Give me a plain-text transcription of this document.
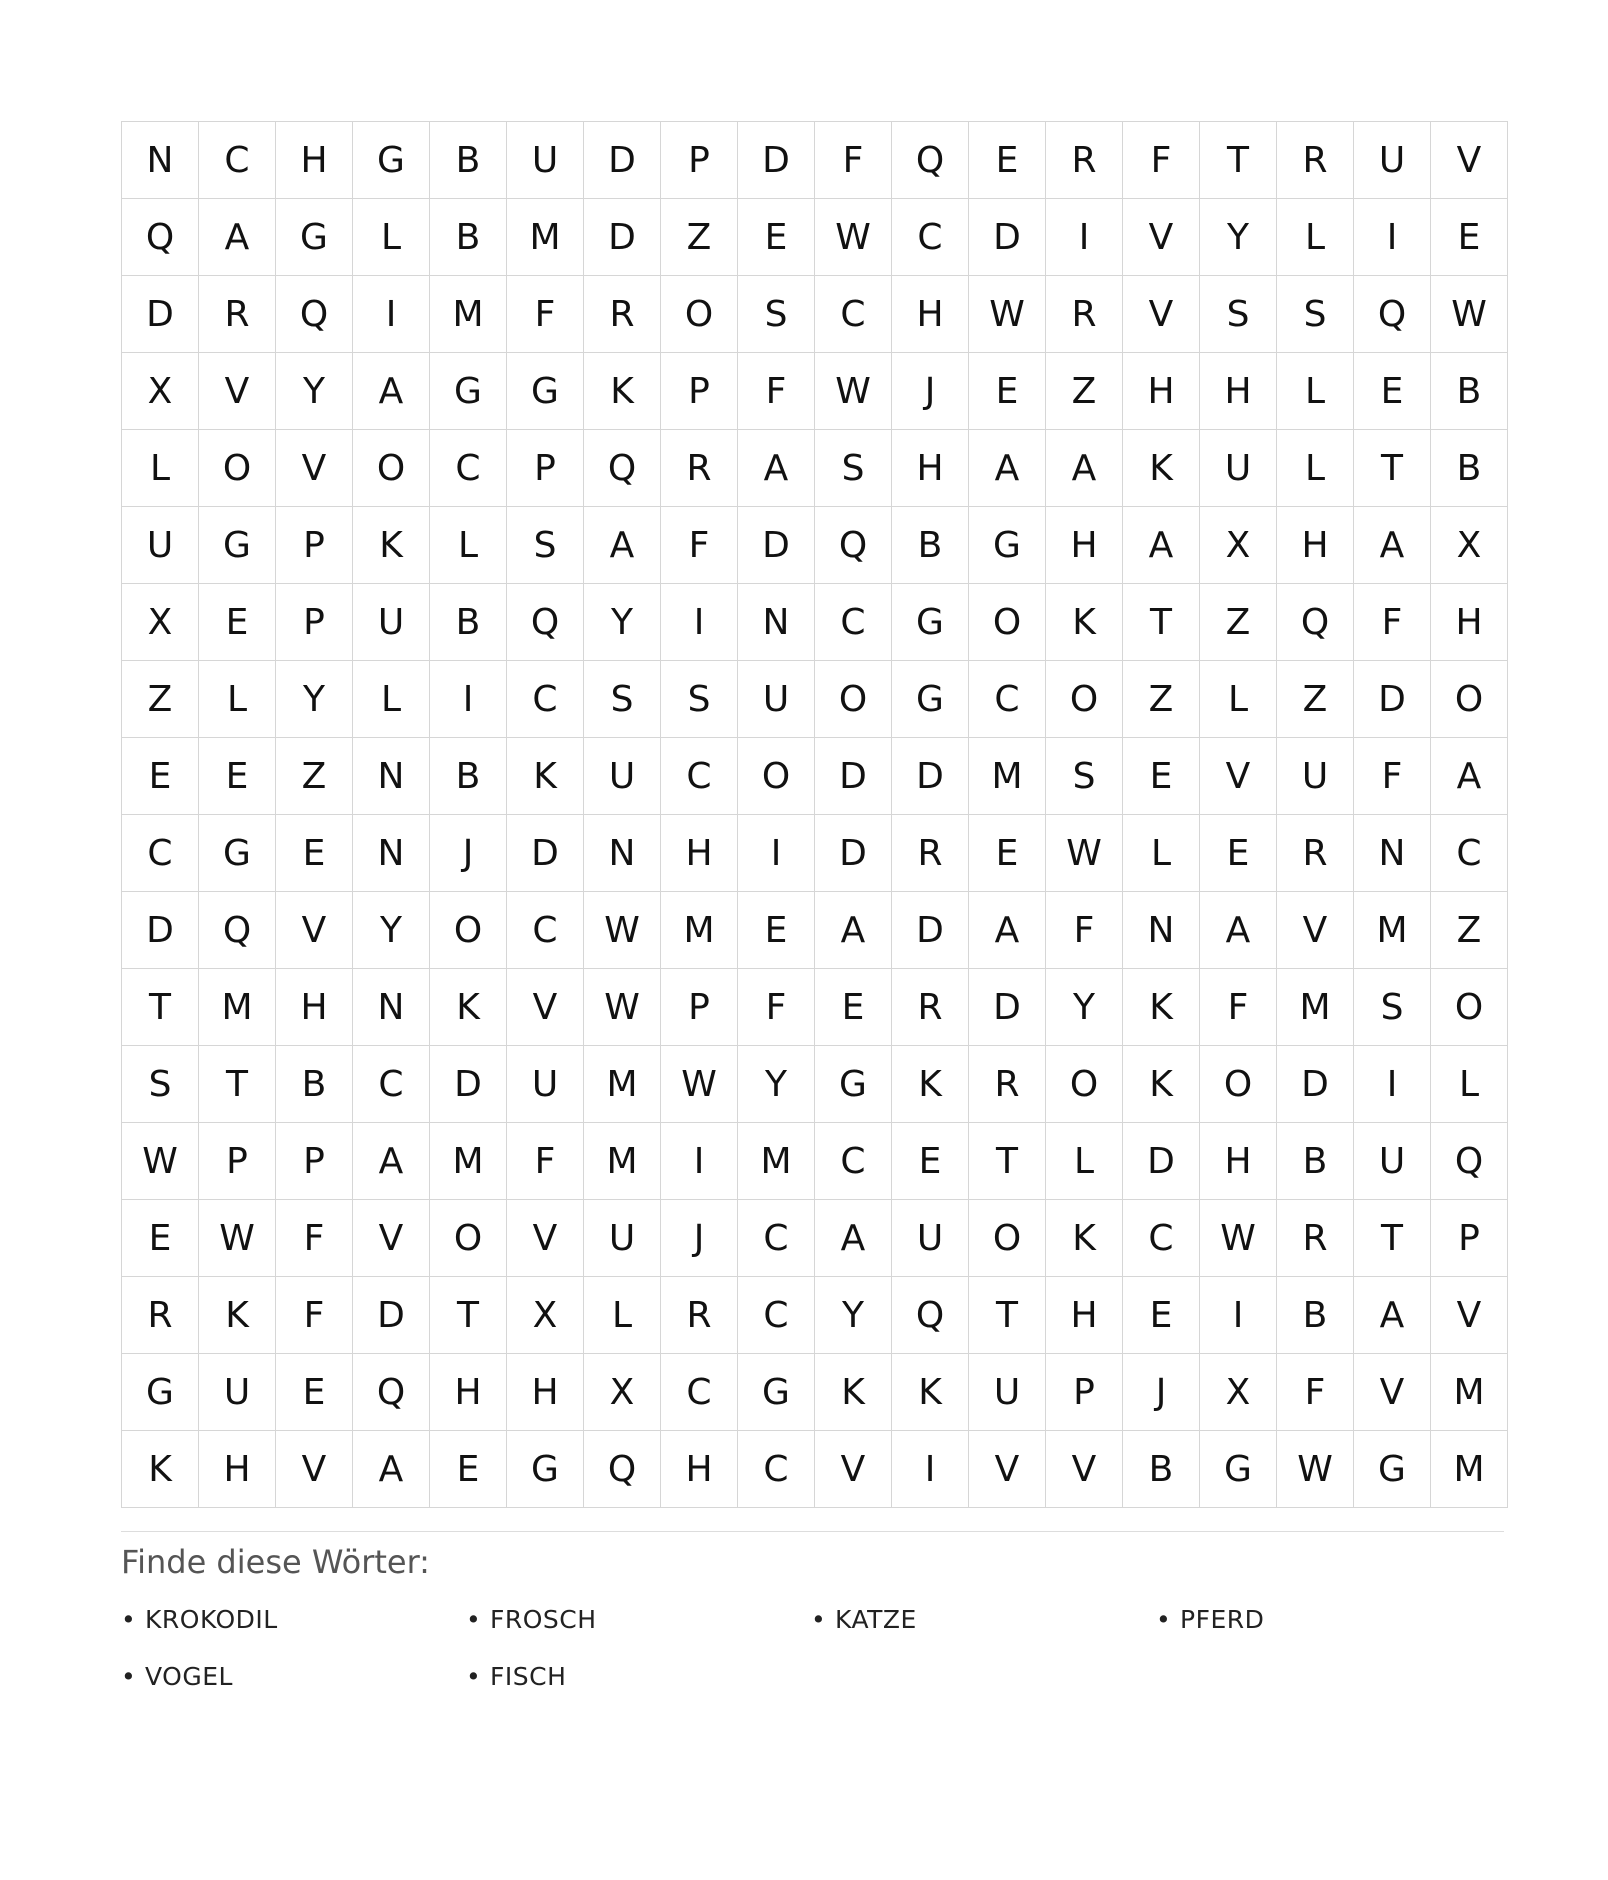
N	C	H	G	B	U	D	P	D	F	Q	E	R	F	T	R	U	V
Q	A	G	L	B	M	D	Z	E	W	C	D	I	V	Y	L	I	E
D	R	Q	I	M	F	R	O	S	C	H	W	R	V	S	S	Q	W
X	V	Y	A	G	G	K	P	F	W	J	E	Z	H	H	L	E	B
L	O	V	O	C	P	Q	R	A	S	H	A	A	K	U	L	T	B
U	G	P	K	L	S	A	F	D	Q	B	G	H	A	X	H	A	X
X	E	P	U	B	Q	Y	I	N	C	G	O	K	T	Z	Q	F	H
Z	L	Y	L	I	C	S	S	U	O	G	C	O	Z	L	Z	D	O
E	E	Z	N	B	K	U	C	O	D	D	M	S	E	V	U	F	A
C	G	E	N	J	D	N	H	I	D	R	E	W	L	E	R	N	C
D	Q	V	Y	O	C	W	M	E	A	D	A	F	N	A	V	M	Z
T	M	H	N	K	V	W	P	F	E	R	D	Y	K	F	M	S	O
S	T	B	C	D	U	M	W	Y	G	K	R	O	K	O	D	I	L
W	P	P	A	M	F	M	I	M	C	E	T	L	D	H	B	U	Q
E	W	F	V	O	V	U	J	C	A	U	O	K	C	W	R	T	P
R	K	F	D	T	X	L	R	C	Y	Q	T	H	E	I	B	A	V
G	U	E	Q	H	H	X	C	G	K	K	U	P	J	X	F	V	M
K	H	V	A	E	G	Q	H	C	V	I	V	V	B	G	W	G	M
Finde diese Wörter:
• KROKODIL	• FROSCH	• KATZE	• PFERD
• VOGEL	• FISCH
